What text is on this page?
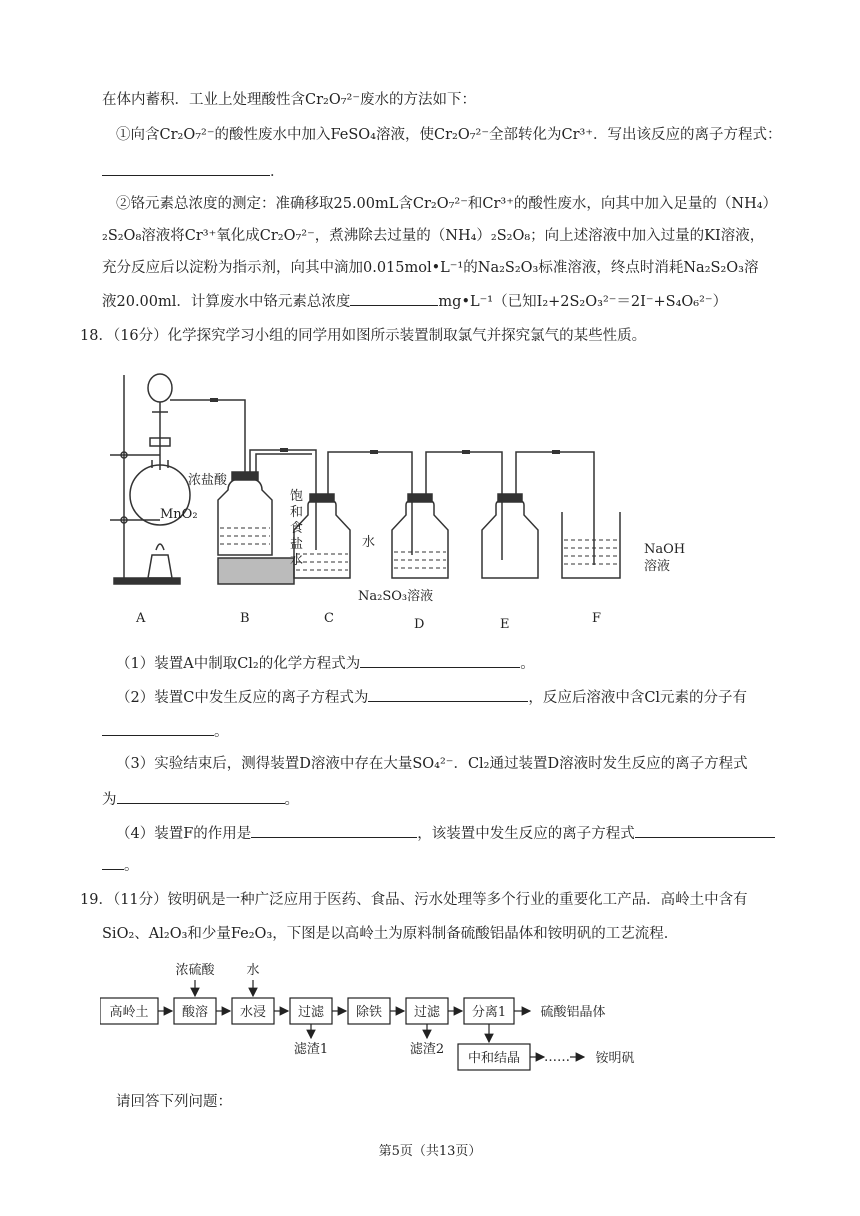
在体内蓄积．工业上处理酸性含Cr₂O₇²⁻废水的方法如下：
①向含Cr₂O₇²⁻的酸性废水中加入FeSO₄溶液，使Cr₂O₇²⁻全部转化为Cr³⁺．写出该反应的离子方程式：
．
②铬元素总浓度的测定：准确移取25.00mL含Cr₂O₇²⁻和Cr³⁺的酸性废水，向其中加入足量的（NH₄）
₂S₂O₈溶液将Cr³⁺氧化成Cr₂O₇²⁻，煮沸除去过量的（NH₄）₂S₂O₈；向上述溶液中加入过量的KI溶液，
充分反应后以淀粉为指示剂，向其中滴加0.015mol•L⁻¹的Na₂S₂O₃标准溶液，终点时消耗Na₂S₂O₃溶
液20.00ml．计算废水中铬元素总浓度	mg•L⁻¹（已知I₂+2S₂O₃²⁻＝2I⁻+S₄O₆²⁻）
18．（16分）化学探究学习小组的同学用如图所示装置制取氯气并探究氯气的某些性质。
浓盐酸
MnO₂
饱
和
食
盐
水
水
Na₂SO₃溶液
NaOH
溶液
A	B	C	D	E	F
（1）装置A中制取Cl₂的化学方程式为	。
（2）装置C中发生反应的离子方程式为	，反应后溶液中含Cl元素的分子有
。
（3）实验结束后，测得装置D溶液中存在大量SO₄²⁻．Cl₂通过装置D溶液时发生反应的离子方程式
为	。
（4）装置F的作用是	，该装置中发生反应的离子方程式
。
19．（11分）铵明矾是一种广泛应用于医药、食品、污水处理等多个行业的重要化工产品．高岭土中含有
SiO₂、Al₂O₃和少量Fe₂O₃，下图是以高岭土为原料制备硫酸铝晶体和铵明矾的工艺流程．
浓硫酸 水
高岭土	酸溶 水浸 过滤 除铁 过滤 分离1	硫酸铝晶体
滤渣1	滤渣2
中和结晶 …… 铵明矾
请回答下列问题：
第5页（共13页）
